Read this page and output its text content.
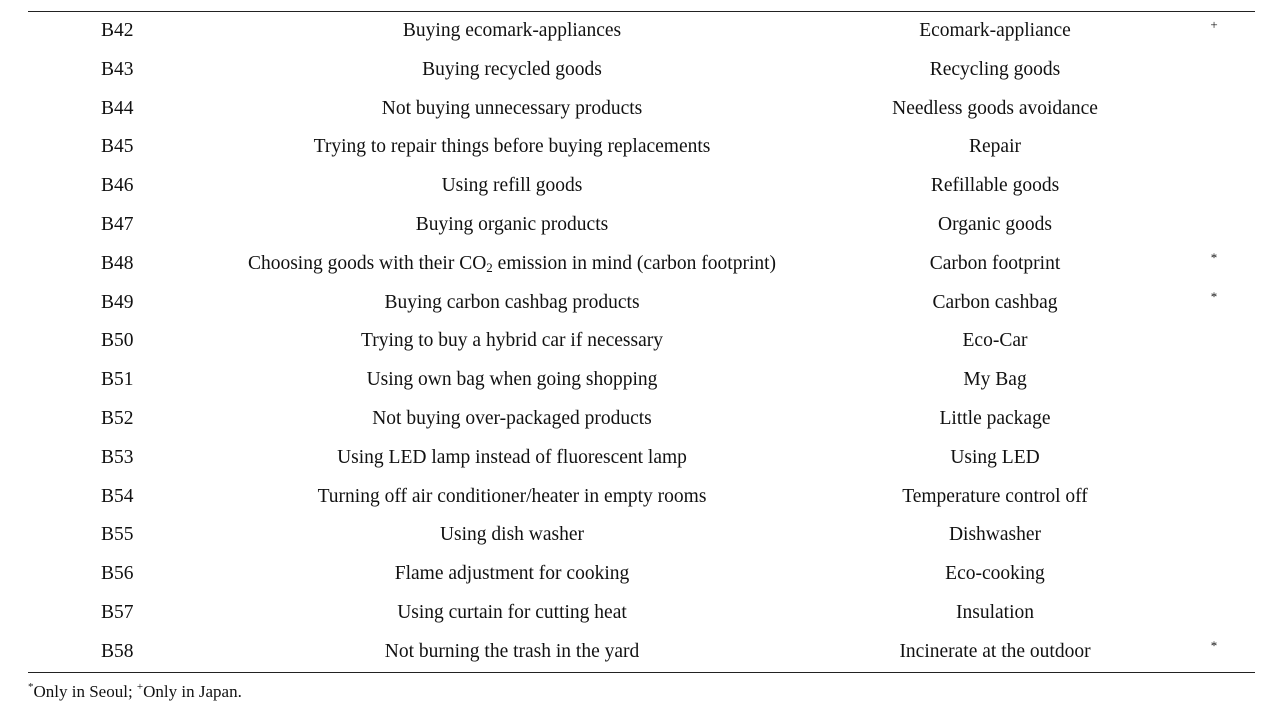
B42	Buying ecomark-appliances	Ecomark-appliance	+
B43	Buying recycled goods	Recycling goods
B44	Not buying unnecessary products	Needless goods avoidance
B45	Trying to repair things before buying replacements	Repair
B46	Using refill goods	Refillable goods
B47	Buying organic products	Organic goods
B48	Choosing goods with their $CO_2$ emission in mind (carbon footprint)	Carbon footprint	*
B49	Buying carbon cashbag products	Carbon cashbag	*
B50	Trying to buy a hybrid car if necessary	Eco-Car
B51	Using own bag when going shopping	My Bag
B52	Not buying over-packaged products	Little package
B53	Using LED lamp instead of fluorescent lamp	Using LED
B54	Turning off air conditioner/heater in empty rooms	Temperature control off
B55	Using dish washer	Dishwasher
B56	Flame adjustment for cooking	Eco-cooking
B57	Using curtain for cutting heat	Insulation
B58	Not burning the trash in the yard	Incinerate at the outdoor	*
*Only in Seoul; +Only in Japan.
